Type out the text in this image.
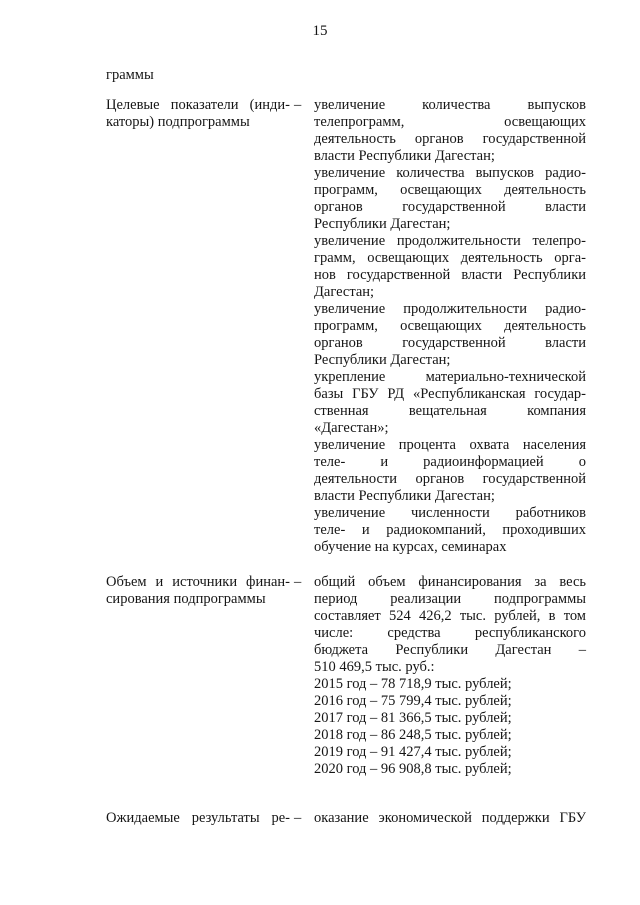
15
граммы
Целевые показатели (инди-
каторы) подпрограммы
– увеличение количества выпусков
телепрограмм, освещающих
деятельность органов государственной
власти Республики Дагестан;
увеличение количества выпусков радио-
программ, освещающих деятельность
органов государственной власти
Республики Дагестан;
увеличение продолжительности телепро-
грамм, освещающих деятельность орга-
нов государственной власти Республики
Дагестан;
увеличение продолжительности радио-
программ, освещающих деятельность
органов государственной власти
Республики Дагестан;
укрепление материально-технической
базы ГБУ РД «Республиканская государ-
ственная вещательная компания
«Дагестан»;
увеличение процента охвата населения
теле- и радиоинформацией о
деятельности органов государственной
власти Республики Дагестан;
увеличение численности работников
теле- и радиокомпаний, проходивших
обучение на курсах, семинарах
Объем и источники финан-
сирования подпрограммы
– общий объем финансирования за весь
период реализации подпрограммы
составляет 524 426,2 тыс. рублей, в том
числе: средства республиканского
бюджета Республики Дагестан –
510 469,5 тыс. руб.:
2015 год – 78 718,9 тыс. рублей;
2016 год – 75 799,4 тыс. рублей;
2017 год – 81 366,5 тыс. рублей;
2018 год – 86 248,5 тыс. рублей;
2019 год – 91 427,4 тыс. рублей;
2020 год – 96 908,8 тыс. рублей;
Ожидаемые результаты ре- – оказание экономической поддержки ГБУ
